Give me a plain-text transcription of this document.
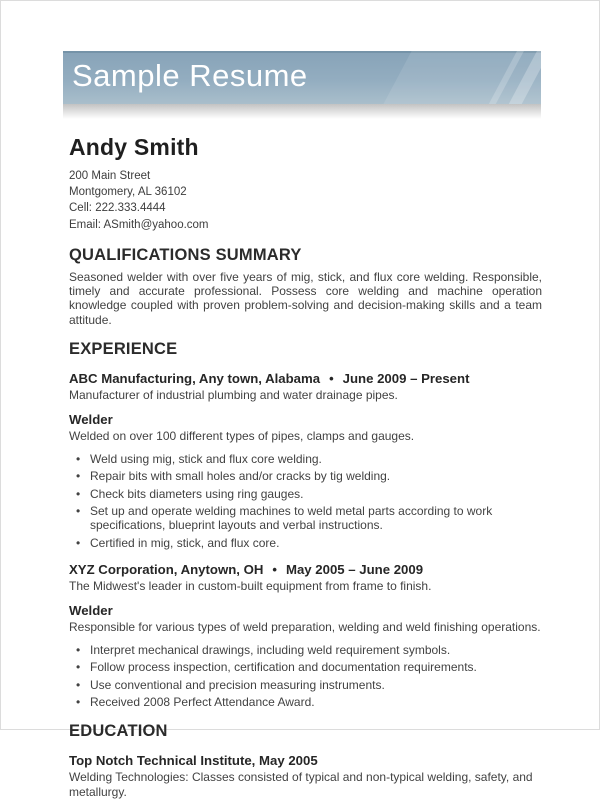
Sample Resume
Andy Smith
200 Main Street
Montgomery, AL 36102
Cell: 222.333.4444
Email: ASmith@yahoo.com
QUALIFICATIONS SUMMARY
Seasoned welder with over five years of mig, stick, and flux core welding. Responsible, timely and accurate professional. Possess core welding and machine operation knowledge coupled with proven problem-solving and decision-making skills and a team attitude.
EXPERIENCE
ABC Manufacturing, Any town, Alabama • June 2009 – Present
Manufacturer of industrial plumbing and water drainage pipes.
Welder
Welded on over 100 different types of pipes, clamps and gauges.
• Weld using mig, stick and flux core welding.
• Repair bits with small holes and/or cracks by tig welding.
• Check bits diameters using ring gauges.
• Set up and operate welding machines to weld metal parts according to work specifications, blueprint layouts and verbal instructions.
• Certified in mig, stick, and flux core.
XYZ Corporation, Anytown, OH • May 2005 – June 2009
The Midwest's leader in custom-built equipment from frame to finish.
Welder
Responsible for various types of weld preparation, welding and weld finishing operations.
• Interpret mechanical drawings, including weld requirement symbols.
• Follow process inspection, certification and documentation requirements.
• Use conventional and precision measuring instruments.
• Received 2008 Perfect Attendance Award.
EDUCATION
Top Notch Technical Institute, May 2005
Welding Technologies: Classes consisted of typical and non-typical welding, safety, and metallurgy.
